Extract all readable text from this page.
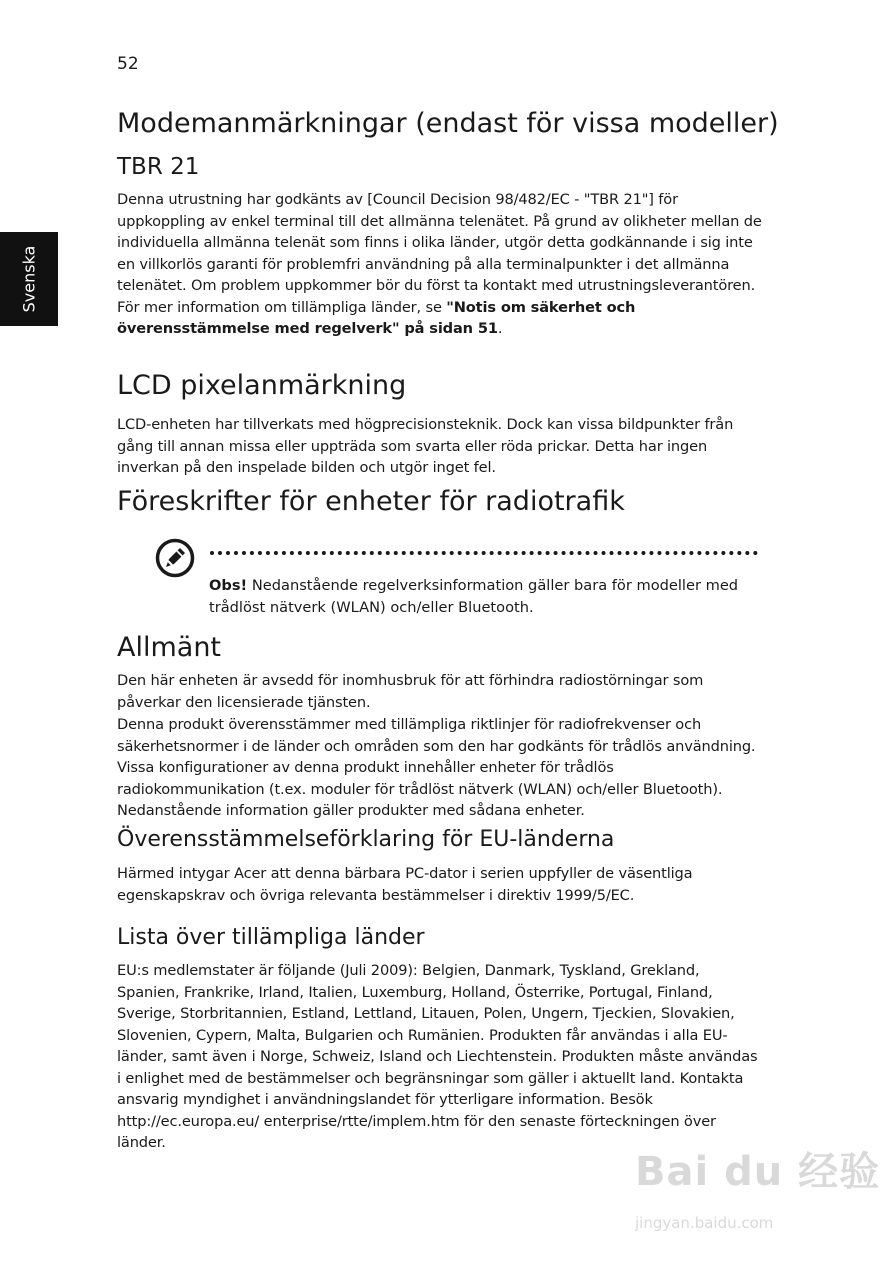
52
Svenska
Modemanmärkningar (endast för vissa modeller)
TBR 21

Denna utrustning har godkänts av [Council Decision 98/482/EC - "TBR 21"] för uppkoppling av enkel terminal till det allmänna telenätet. På grund av olikheter mellan de individuella allmänna telenät som finns i olika länder, utgör detta godkännande i sig inte en villkorlös garanti för problemfri användning på alla terminalpunkter i det allmänna telenätet. Om problem uppkommer bör du först ta kontakt med utrustningsleverantören. För mer information om tillämpliga länder, se "Notis om säkerhet och överensstämmelse med regelverk" på sidan 51.

LCD pixelanmärkning

LCD-enheten har tillverkats med högprecisionsteknik. Dock kan vissa bildpunkter från gång till annan missa eller uppträda som svarta eller röda prickar. Detta har ingen inverkan på den inspelade bilden och utgör inget fel.

Föreskrifter för enheter för radiotrafik

Obs! Nedanstående regelverksinformation gäller bara för modeller med trådlöst nätverk (WLAN) och/eller Bluetooth.

Allmänt

Den här enheten är avsedd för inomhusbruk för att förhindra radiostörningar som påverkar den licensierade tjänsten.

Denna produkt överensstämmer med tillämpliga riktlinjer för radiofrekvenser och säkerhetsnormer i de länder och områden som den har godkänts för trådlös användning. Vissa konfigurationer av denna produkt innehåller enheter för trådlös radiokommunikation (t.ex. moduler för trådlöst nätverk (WLAN) och/eller Bluetooth). Nedanstående information gäller produkter med sådana enheter.

Överensstämmelseförklaring för EU-länderna

Härmed intygar Acer att denna bärbara PC-dator i serien uppfyller de väsentliga egenskapskrav och övriga relevanta bestämmelser i direktiv 1999/5/EC.

Lista över tillämpliga länder

EU:s medlemstater är följande (Juli 2009): Belgien, Danmark, Tyskland, Grekland, Spanien, Frankrike, Irland, Italien, Luxemburg, Holland, Österrike, Portugal, Finland, Sverige, Storbritannien, Estland, Lettland, Litauen, Polen, Ungern, Tjeckien, Slovakien, Slovenien, Cypern, Malta, Bulgarien och Rumänien. Produkten får användas i alla EU-länder, samt även i Norge, Schweiz, Island och Liechtenstein. Produkten måste användas i enlighet med de bestämmelser och begränsningar som gäller i aktuellt land. Kontakta ansvarig myndighet i användningslandet för ytterligare information. Besök http://ec.europa.eu/ enterprise/rtte/implem.htm för den senaste förteckningen över länder.

Bai du 经验
jingyan.baidu.com
